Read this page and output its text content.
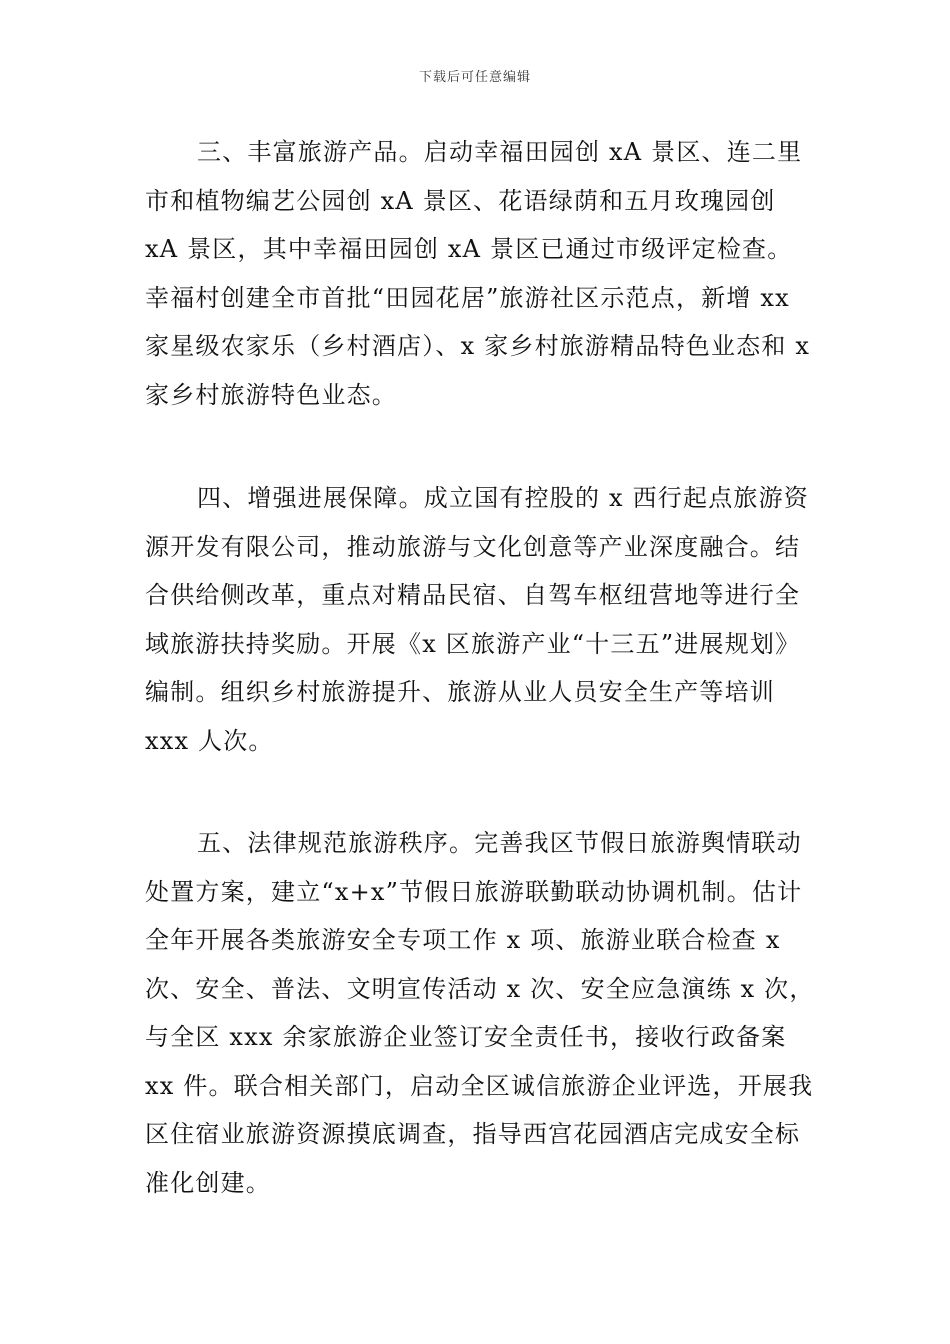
下载后可任意编辑

三、丰富旅游产品。启动幸福田园创 xA 景区、连二里市和植物编艺公园创 xA 景区、花语绿荫和五月玫瑰园创 xA 景区，其中幸福田园创 xA 景区已通过市级评定检查。幸福村创建全市首批“田园花居”旅游社区示范点，新增 xx 家星级农家乐（乡村酒店）、x 家乡村旅游精品特色业态和 x 家乡村旅游特色业态。

四、增强进展保障。成立国有控股的 x 西行起点旅游资源开发有限公司，推动旅游与文化创意等产业深度融合。结合供给侧改革，重点对精品民宿、自驾车枢纽营地等进行全域旅游扶持奖励。开展《x 区旅游产业“十三五”进展规划》编制。组织乡村旅游提升、旅游从业人员安全生产等培训 xxx 人次。

五、法律规范旅游秩序。完善我区节假日旅游舆情联动处置方案，建立“x+x”节假日旅游联勤联动协调机制。估计全年开展各类旅游安全专项工作 x 项、旅游业联合检查 x 次、安全、普法、文明宣传活动 x 次、安全应急演练 x 次，与全区 xxx 余家旅游企业签订安全责任书，接收行政备案 xx 件。联合相关部门，启动全区诚信旅游企业评选，开展我区住宿业旅游资源摸底调查，指导西宫花园酒店完成安全标准化创建。
